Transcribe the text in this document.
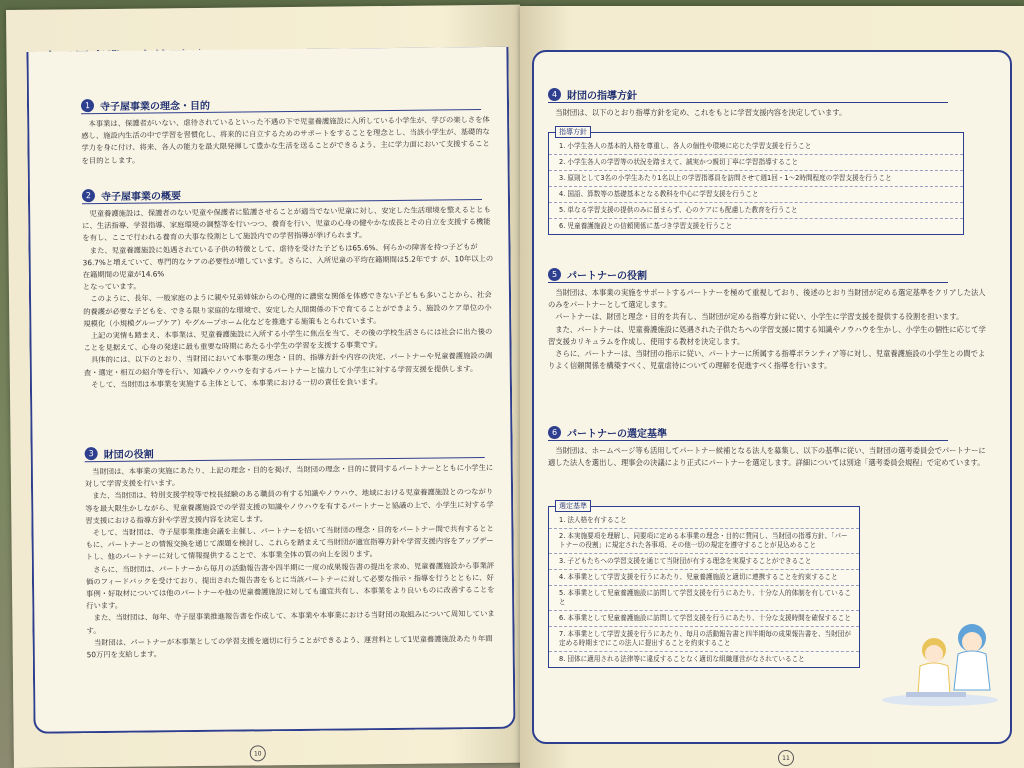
1 寺子屋事業の理念・目的

本事業は、保護者がいない、虐待されているといった不遇の下で児童養護施設に入所している小学生が、学びの楽しさを体感し、施設内生活の中で学習を習慣化し、将来的に自立するためのサポートをすることを理念とし、当該小学生が、基礎的な学力を身に付け、将来、各人の能力を最大限発揮して豊かな生活を送ることができるよう、主に学力面において支援することを目的とします。

2 寺子屋事業の概要

児童養護施設は、保護者のない児童や保護者に監護させることが適当でない児童に対し、安定した生活環境を整えるとともに、生活指導、学習指導、家庭環境の調整等を行いつつ、養育を行い、児童の心身の健やかな成長とその自立を支援する機能を有し、ここで行われる養育の大事な役割として施設内での学習指導が挙げられます。

また、児童養護施設に処遇されている子供の特徴として、虐待を受けた子どもは65.6%、何らかの障害を持つ子どもが36.7%と増えていて、専門的なケアの必要性が増しています。さらに、入所児童の平均在籍期間は5.2年です が、10年以上の在籍期間の児童が14.6%

となっています。

このように、長年、一般家庭のように親や兄弟姉妹からの心理的に濃密な関係を体感できない子どもも多いことから、社会的養護が必要な子どもを、できる限り家庭的な環境で、安定した人間関係の下で育てることができよう、施設のケア単位の小規模化（小規模グループケア）やグループホーム化などを推進する施策もとられています。

上記の実情も踏まえ、本事業は、児童養護施設に入所する小学生に焦点を当て、その後の学校生活さらには社会に出た後のことを見据えて、心身の発達に最も重要な時期にあたる小学生の学習を支援する事業です。

具体的には、以下のとおり、当財団において本事業の理念・目的、指導方針や内容の決定、パートナーや児童養護施設の調査・選定・相互の紹介等を行い、知識やノウハウを有するパートナーと協力して小学生に対する学習支援を提供します。

そして、当財団は本事業を実施する主体として、本事業における一切の責任を負います。

3 財団の役割

当財団は、本事業の実施にあたり、上記の理念・目的を掲げ、当財団の理念・目的に賛同するパートナーとともに小学生に対して学習支援を行います。

また、当財団は、特別支援学校等で校長経験のある職員の有する知識やノウハウ、地域における児童養護施設とのつながり等を最大限生かしながら、児童養護施設での学習支援の知識やノウハウを有するパートナーと協議の上で、小学生に対する学習支援における指導方針や学習支援内容を決定します。

そして、当財団は、寺子屋事業推進会議を主催し、パートナーを招いて当財団の理念・目的をパートナー間で共有するとともに、パートナーとの情報交換を通じて課題を検討し、これらを踏まえて当財団が適宜指導方針や学習支援内容をアップデートし、他のパートナーに対して情報提供することで、本事業全体の質の向上を図ります。

さらに、当財団は、パートナーから毎月の活動報告書や四半期に一度の成果報告書の提出を求め、児童養護施設から事業評価のフィードバックを受けており、提出された報告書をもとに当該パートナーに対して必要な指示・指導を行うとともに、好事例・好取材については他のパートナーや他の児童養護施設に対しても適宜共有し、本事業をより良いものに改善することを行います。

また、当財団は、毎年、寺子屋事業推進報告書を作成して、本事業や本事業における当財団の取組みについて周知しています。

当財団は、パートナーが本事業としての学習支援を適切に行うことができるよう、運営料として1児童養護施設あたり年間50万円を支給します。

10
4 財団の指導方針

当財団は、以下のとおり指導方針を定め、これをもとに学習支援内容を決定しています。

指導方針
1. 小学生各人の基本的人格を尊重し、各人の個性や環境に応じた学習支援を行うこと
2. 小学生各人の学習等の状況を踏まえて、誠実かつ親切丁寧に学習指導すること
3. 原則として3名の小学生あたり1名以上の学習指導員を訪問させて週1回・1～2時間程度の学習支援を行うこと
4. 国語、算数等の基礎基本となる教科を中心に学習支援を行うこと
5. 単なる学習支援の提供のみに留まらず、心のケアにも配慮した教育を行うこと
6. 児童養護施設との信頼関係に基づき学習支援を行うこと
5 パートナーの役割

当財団は、本事業の実施をサポートするパートナーを極めて重視しており、後述のとおり当財団が定める選定基準をクリアした法人のみをパートナーとして選定します。

パートナーは、財団と理念・目的を共有し、当財団が定める指導方針に従い、小学生に学習支援を提供する役割を担います。

また、パートナーは、児童養護施設に処遇された子供たちへの学習支援に関する知識やノウハウを生かし、小学生の個性に応じて学習支援カリキュラムを作成し、使用する教材を決定します。

さらに、パートナーは、当財団の指示に従い、パートナーに所属する指導ボランティア等に対し、児童養護施設の小学生との間でよりよく信頼関係を構築すべく、児童虐待についての理解を促進すべく指導を行います。

6 パートナーの選定基準

当財団は、ホームページ等も活用してパートナー候補となる法人を募集し、以下の基準に従い、当財団の選考委員会でパートナーに適した法人を選出し、理事会の決議により正式にパートナーを選定します。詳細については別途「選考委員会規程」で定めています。

選定基準
1. 法人格を有すること
2. 本実施要項を理解し、同要項に定める本事業の理念・目的に賛同し、当財団の指導方針、「パートナーの役割」に規定された各事項、その他一切の規定を遵守することが見込めること
3. 子どもたちへの学習支援を通じて当財団が有する理念を実現することができること
4. 本事業として学習支援を行うにあたり、児童養護施設と適切に連携することを約束すること
5. 本事業として児童養護施設に訪問して学習支援を行うにあたり、十分な人的体制を有していること
6. 本事業として児童養護施設に訪問して学習支援を行うにあたり、十分な支援時間を確保すること
7. 本事業として学習支援を行うにあたり、毎月の活動報告書と四半期毎の成果報告書を、当財団が定める時期までにこの法人に提出することを約束すること
8. 団体に適用される法律等に違反することなく適切な組織運営がなされていること
11
